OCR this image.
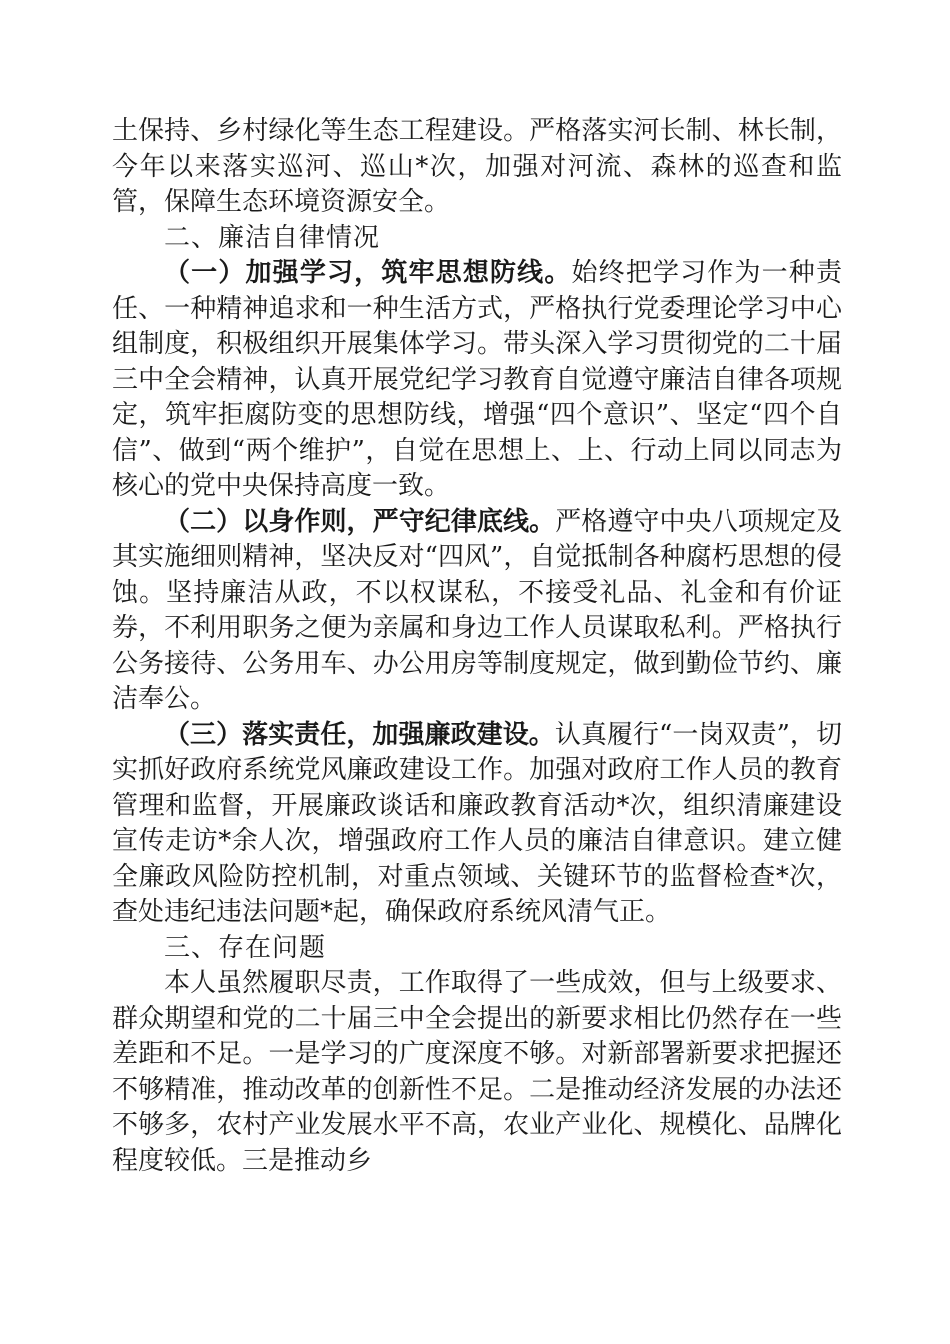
土保持、乡村绿化等生态工程建设。严格落实河长制、林长制，今年以来落实巡河、巡山*次，加强对河流、森林的巡查和监管，保障生态环境资源安全。

二、廉洁自律情况

（一）加强学习，筑牢思想防线。始终把学习作为一种责任、一种精神追求和一种生活方式，严格执行党委理论学习中心组制度，积极组织开展集体学习。带头深入学习贯彻党的二十届三中全会精神，认真开展党纪学习教育自觉遵守廉洁自律各项规定，筑牢拒腐防变的思想防线，增强“四个意识”、坚定“四个自信”、做到“两个维护”，自觉在思想上、上、行动上同以同志为核心的党中央保持高度一致。

（二）以身作则，严守纪律底线。严格遵守中央八项规定及其实施细则精神，坚决反对“四风”，自觉抵制各种腐朽思想的侵蚀。坚持廉洁从政，不以权谋私，不接受礼品、礼金和有价证券，不利用职务之便为亲属和身边工作人员谋取私利。严格执行公务接待、公务用车、办公用房等制度规定，做到勤俭节约、廉洁奉公。

（三）落实责任，加强廉政建设。认真履行“一岗双责”，切实抓好政府系统党风廉政建设工作。加强对政府工作人员的教育管理和监督，开展廉政谈话和廉政教育活动*次，组织清廉建设宣传走访*余人次，增强政府工作人员的廉洁自律意识。建立健全廉政风险防控机制，对重点领域、关键环节的监督检查*次，查处违纪违法问题*起，确保政府系统风清气正。

三、存在问题

本人虽然履职尽责，工作取得了一些成效，但与上级要求、群众期望和党的二十届三中全会提出的新要求相比仍然存在一些差距和不足。一是学习的广度深度不够。对新部署新要求把握还不够精准，推动改革的创新性不足。二是推动经济发展的办法还不够多，农村产业发展水平不高，农业产业化、规模化、品牌化程度较低。三是推动乡
